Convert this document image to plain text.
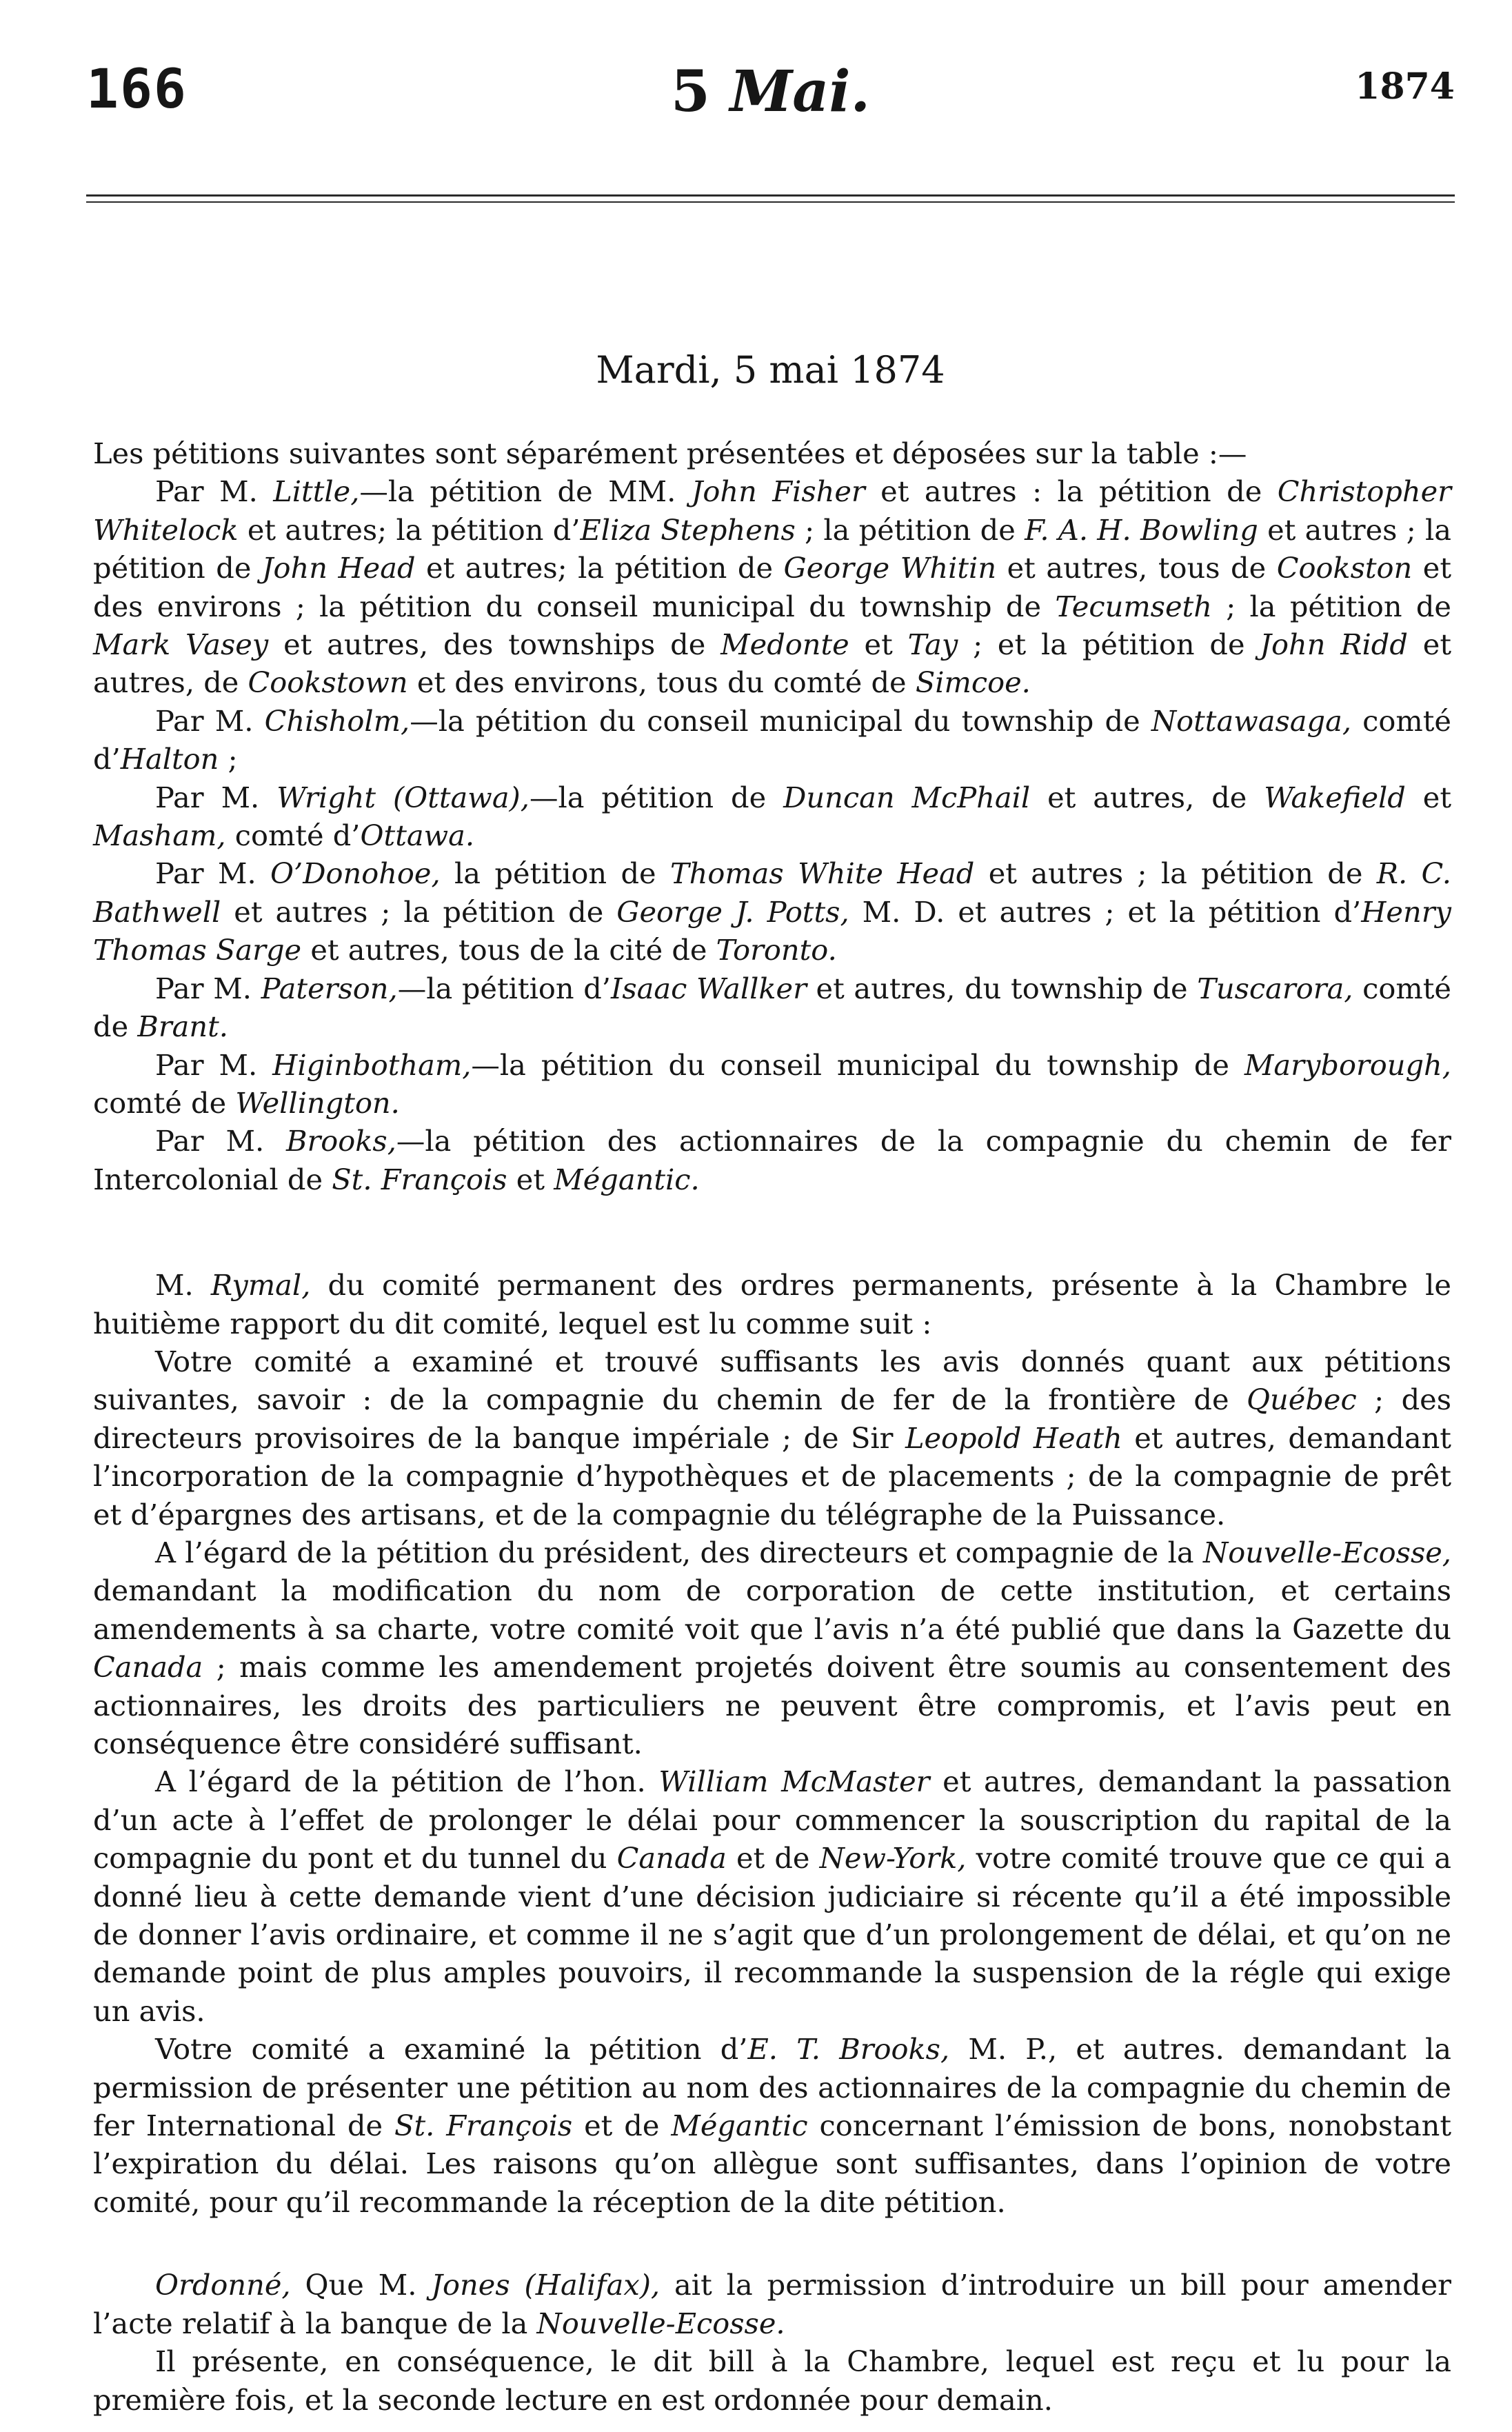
166	5 Mai.	1874
Mardi, 5 mai 1874

Les pétitions suivantes sont séparément présentées et déposées sur la table :—

Par M. Little,—la pétition de MM. John Fisher et autres : la pétition de Christopher Whitelock et autres; la pétition d’Eliza Stephens ; la pétition de F. A. H. Bowling et autres ; la pétition de John Head et autres; la pétition de George Whitin et autres, tous de Cookston et des environs ; la pétition du conseil municipal du township de Tecumseth ; la pétition de Mark Vasey et autres, des townships de Medonte et Tay ; et la pétition de John Ridd et autres, de Cookstown et des environs, tous du comté de Simcoe.

Par M. Chisholm,—la pétition du conseil municipal du township de Nottawasaga, comté d’Halton ;

Par M. Wright (Ottawa),—la pétition de Duncan McPhail et autres, de Wakefield et Masham, comté d’Ottawa.

Par M. O’Donohoe, la pétition de Thomas White Head et autres ; la pétition de R. C. Bathwell et autres ; la pétition de George J. Potts, M. D. et autres ; et la pétition d’Henry Thomas Sarge et autres, tous de la cité de Toronto.

Par M. Paterson,—la pétition d’Isaac Wallker et autres, du township de Tuscarora, comté de Brant.

Par M. Higinbotham,—la pétition du conseil municipal du township de Maryborough, comté de Wellington.

Par M. Brooks,—la pétition des actionnaires de la compagnie du chemin de fer Intercolonial de St. François et Mégantic.

M. Rymal, du comité permanent des ordres permanents, présente à la Chambre le huitième rapport du dit comité, lequel est lu comme suit :

Votre comité a examiné et trouvé suffisants les avis donnés quant aux pétitions suivantes, savoir : de la compagnie du chemin de fer de la frontière de Québec ; des directeurs provisoires de la banque impériale ; de Sir Leopold Heath et autres, demandant l’incorporation de la compagnie d’hypothèques et de placements ; de la compagnie de prêt et d’épargnes des artisans, et de la compagnie du télégraphe de la Puissance.

A l’égard de la pétition du président, des directeurs et compagnie de la Nouvelle-Ecosse, demandant la modification du nom de corporation de cette institution, et certains amendements à sa charte, votre comité voit que l’avis n’a été publié que dans la Gazette du Canada ; mais comme les amendement projetés doivent être soumis au consentement des actionnaires, les droits des particuliers ne peuvent être compromis, et l’avis peut en conséquence être considéré suffisant.

A l’égard de la pétition de l’hon. William McMaster et autres, demandant la passation d’un acte à l’effet de prolonger le délai pour commencer la souscription du rapital de la compagnie du pont et du tunnel du Canada et de New-York, votre comité trouve que ce qui a donné lieu à cette demande vient d’une décision judiciaire si récente qu’il a été impossible de donner l’avis ordinaire, et comme il ne s’agit que d’un prolongement de délai, et qu’on ne demande point de plus amples pouvoirs, il recommande la suspension de la régle qui exige un avis.

Votre comité a examiné la pétition d’E. T. Brooks, M. P., et autres. demandant la permission de présenter une pétition au nom des actionnaires de la compagnie du chemin de fer International de St. François et de Mégantic concernant l’émission de bons, nonobstant l’expiration du délai. Les raisons qu’on allègue sont suffisantes, dans l’opinion de votre comité, pour qu’il recommande la réception de la dite pétition.

Ordonné, Que M. Jones (Halifax), ait la permission d’introduire un bill pour amender l’acte relatif à la banque de la Nouvelle-Ecosse.

Il présente, en conséquence, le dit bill à la Chambre, lequel est reçu et lu pour la première fois, et la seconde lecture en est ordonnée pour demain.
